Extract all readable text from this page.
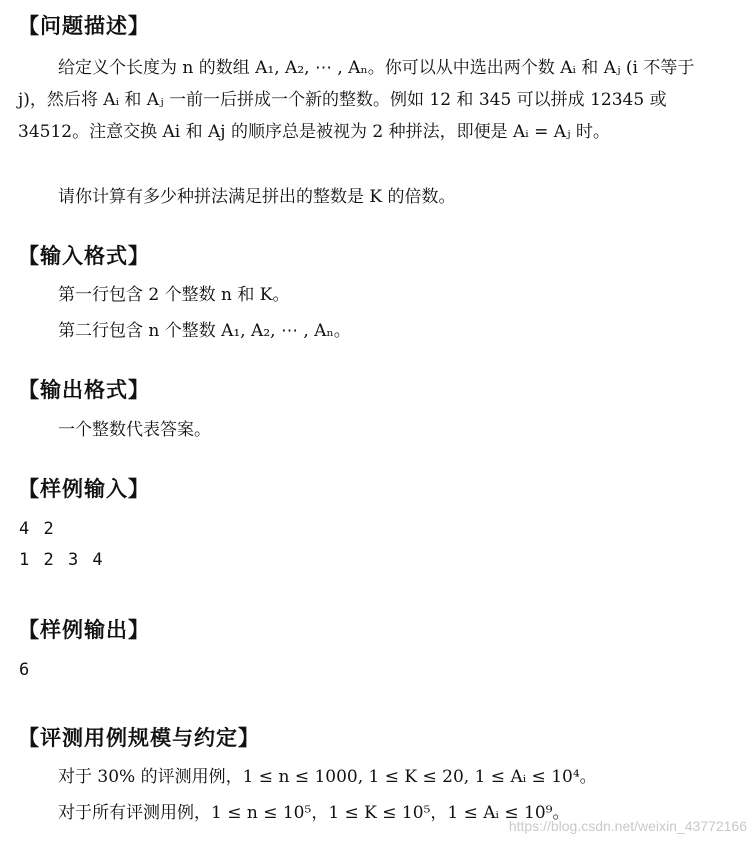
【问题描述】

给定义个长度为 n 的数组 A₁, A₂, ⋯ , Aₙ。你可以从中选出两个数 Aᵢ 和 Aⱼ (i 不等于 j)，然后将 Aᵢ 和 Aⱼ 一前一后拼成一个新的整数。例如 12 和 345 可以拼成 12345 或 34512。注意交换 Ai 和 Aj 的顺序总是被视为 2 种拼法，即便是 Aᵢ = Aⱼ 时。

请你计算有多少种拼法满足拼出的整数是 K 的倍数。

【输入格式】

第一行包含 2 个整数 n 和 K。

第二行包含 n 个整数 A₁, A₂, ⋯ , Aₙ。

【输出格式】

一个整数代表答案。

【样例输入】
4 2
1 2 3 4
【样例输出】
6
【评测用例规模与约定】

对于 30% 的评测用例，1 ≤ n ≤ 1000, 1 ≤ K ≤ 20, 1 ≤ Aᵢ ≤ 10⁴。

对于所有评测用例，1 ≤ n ≤ 10⁵，1 ≤ K ≤ 10⁵，1 ≤ Aᵢ ≤ 10⁹。

https://blog.csdn.net/weixin_43772166
